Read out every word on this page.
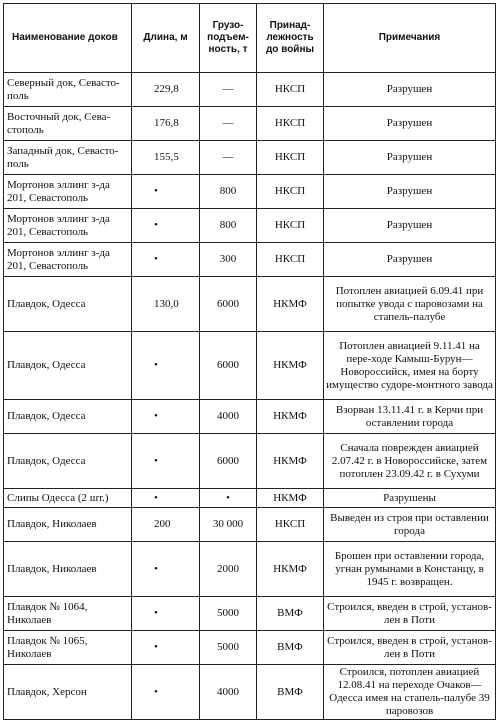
Наименование доков	Длина, м	Грузо-подъем-ность, т	Принад-лежность до войны	Примечания
Северный док, Севасто-поль	229,8	—	НКСП	Разрушен
Восточный док, Сева-стополь	176,8	—	НКСП	Разрушен
Западный док, Севасто-поль	155,5	—	НКСП	Разрушен
Мортонов эллинг з-да 201, Севастополь	•	800	НКСП	Разрушен
Мортонов эллинг з-да 201, Севастополь	•	800	НКСП	Разрушен
Мортонов эллинг з-да 201, Севастополь	•	300	НКСП	Разрушен
Плавдок, Одесса	130,0	6000	НКМФ	Потоплен авиацией 6.09.41 при попытке увода с паровозами на стапель-палубе
Плавдок, Одесса	•	6000	НКМФ	Потоплен авиацией 9.11.41 на пере-ходе Камыш-Бурун—Новороссийск, имея на борту имущество судоре-монтного завода
Плавдок, Одесса	•	4000	НКМФ	Взорван 13.11.41 г. в Керчи при оставлении города
Плавдок, Одесса	•	6000	НКМФ	Сначала поврежден авиацией 2.07.42 г. в Новороссийске, затем потоплен 23.09.42 г. в Сухуми
Слипы Одесса (2 шт.)	•	•	НКМФ	Разрушены
Плавдок, Николаев	200	30 000	НКСП	Выведен из строя при оставлении города
Плавдок, Николаев	•	2000	НКМФ	Брошен при оставлении города, угнан румынами в Констанцу, в 1945 г. возвращен.
Плавдок № 1064, Николаев	•	5000	ВМФ	Строился, введен в строй, установ-лен в Поти
Плавдок № 1065, Николаев	•	5000	ВМФ	Строился, введен в строй, установ-лен в Поти
Плавдок, Херсон	•	4000	ВМФ	Строился, потоплен авиацией 12.08.41 на переходе Очаков—Одесса имея на стапель-палубе 39 паровозов
